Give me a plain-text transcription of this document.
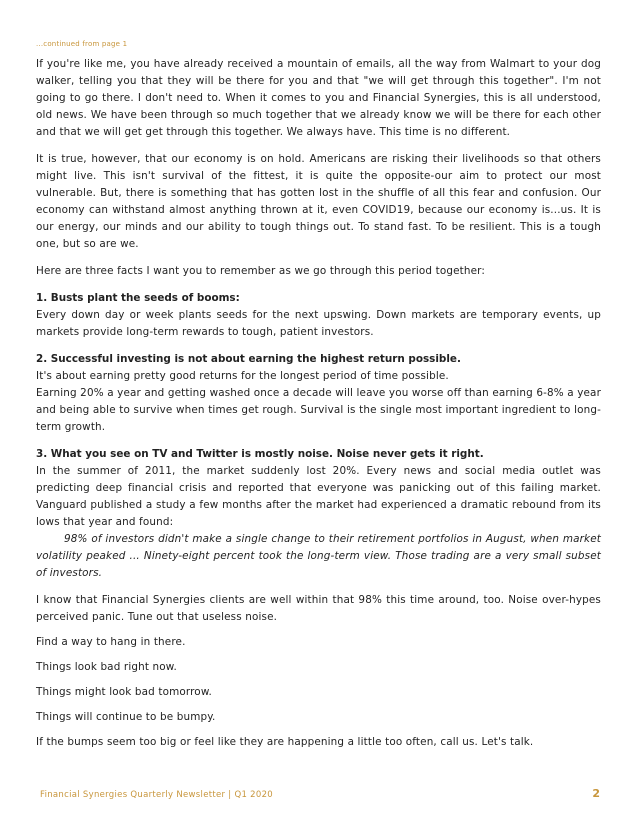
...continued from page 1

If you're like me, you have already received a mountain of emails, all the way from Walmart to your dog walker, telling you that they will be there for you and that "we will get through this together". I'm not going to go there. I don't need to. When it comes to you and Financial Synergies, this is all understood, old news. We have been through so much together that we already know we will be there for each other and that we will get get through this together. We always have. This time is no different.

It is true, however, that our economy is on hold. Americans are risking their livelihoods so that others might live. This isn't survival of the fittest, it is quite the opposite-our aim to protect our most vulnerable. But, there is something that has gotten lost in the shuffle of all this fear and confusion. Our economy can withstand almost anything thrown at it, even COVID19, because our economy is...us. It is our energy, our minds and our ability to tough things out. To stand fast. To be resilient. This is a tough one, but so are we.

Here are three facts I want you to remember as we go through this period together:

1. Busts plant the seeds of booms:

Every down day or week plants seeds for the next upswing. Down markets are temporary events, up markets provide long-term rewards to tough, patient investors.

2. Successful investing is not about earning the highest return possible.

It's about earning pretty good returns for the longest period of time possible.

Earning 20% a year and getting washed once a decade will leave you worse off than earning 6-8% a year and being able to survive when times get rough. Survival is the single most important ingredient to long-term growth.

3. What you see on TV and Twitter is mostly noise. Noise never gets it right.

In the summer of 2011, the market suddenly lost 20%. Every news and social media outlet was predicting deep financial crisis and reported that everyone was panicking out of this failing market. Vanguard published a study a few months after the market had experienced a dramatic rebound from its lows that year and found:

98% of investors didn't make a single change to their retirement portfolios in August, when market volatility peaked ... Ninety-eight percent took the long-term view. Those trading are a very small subset of investors.

I know that Financial Synergies clients are well within that 98% this time around, too. Noise over-hypes perceived panic. Tune out that useless noise.

Find a way to hang in there.

Things look bad right now.

Things might look bad tomorrow.

Things will continue to be bumpy.

If the bumps seem too big or feel like they are happening a little too often, call us. Let's talk.

Financial Synergies Quarterly Newsletter | Q1 2020	2
